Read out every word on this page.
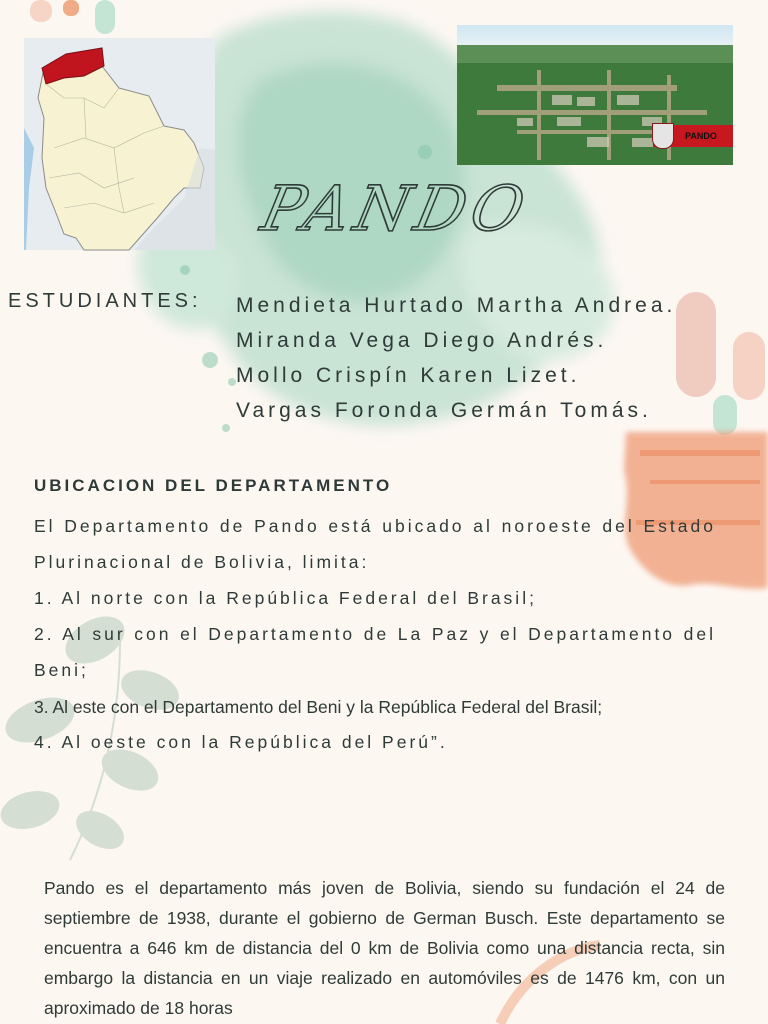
PANDO
PANDO
ESTUDIANTES: Mendieta Hurtado Martha Andrea.
Miranda Vega Diego Andrés.
Mollo Crispín Karen Lizet.
Vargas Foronda Germán Tomás.
UBICACION DEL DEPARTAMENTO

El Departamento de Pando está ubicado al noroeste del Estado Plurinacional de Bolivia, limita:

1. Al norte con la República Federal del Brasil;

2. Al sur con el Departamento de La Paz y el Departamento del Beni;

3. Al este con el Departamento del Beni y la República Federal del Brasil;

4. Al oeste con la República del Perú”.

Pando es el departamento más joven de Bolivia, siendo su fundación el 24 de septiembre de 1938, durante el gobierno de German Busch. Este departamento se encuentra a 646 km de distancia del 0 km de Bolivia como una distancia recta, sin embargo la distancia en un viaje realizado en automóviles es de 1476 km, con un aproximado de 18 horas
